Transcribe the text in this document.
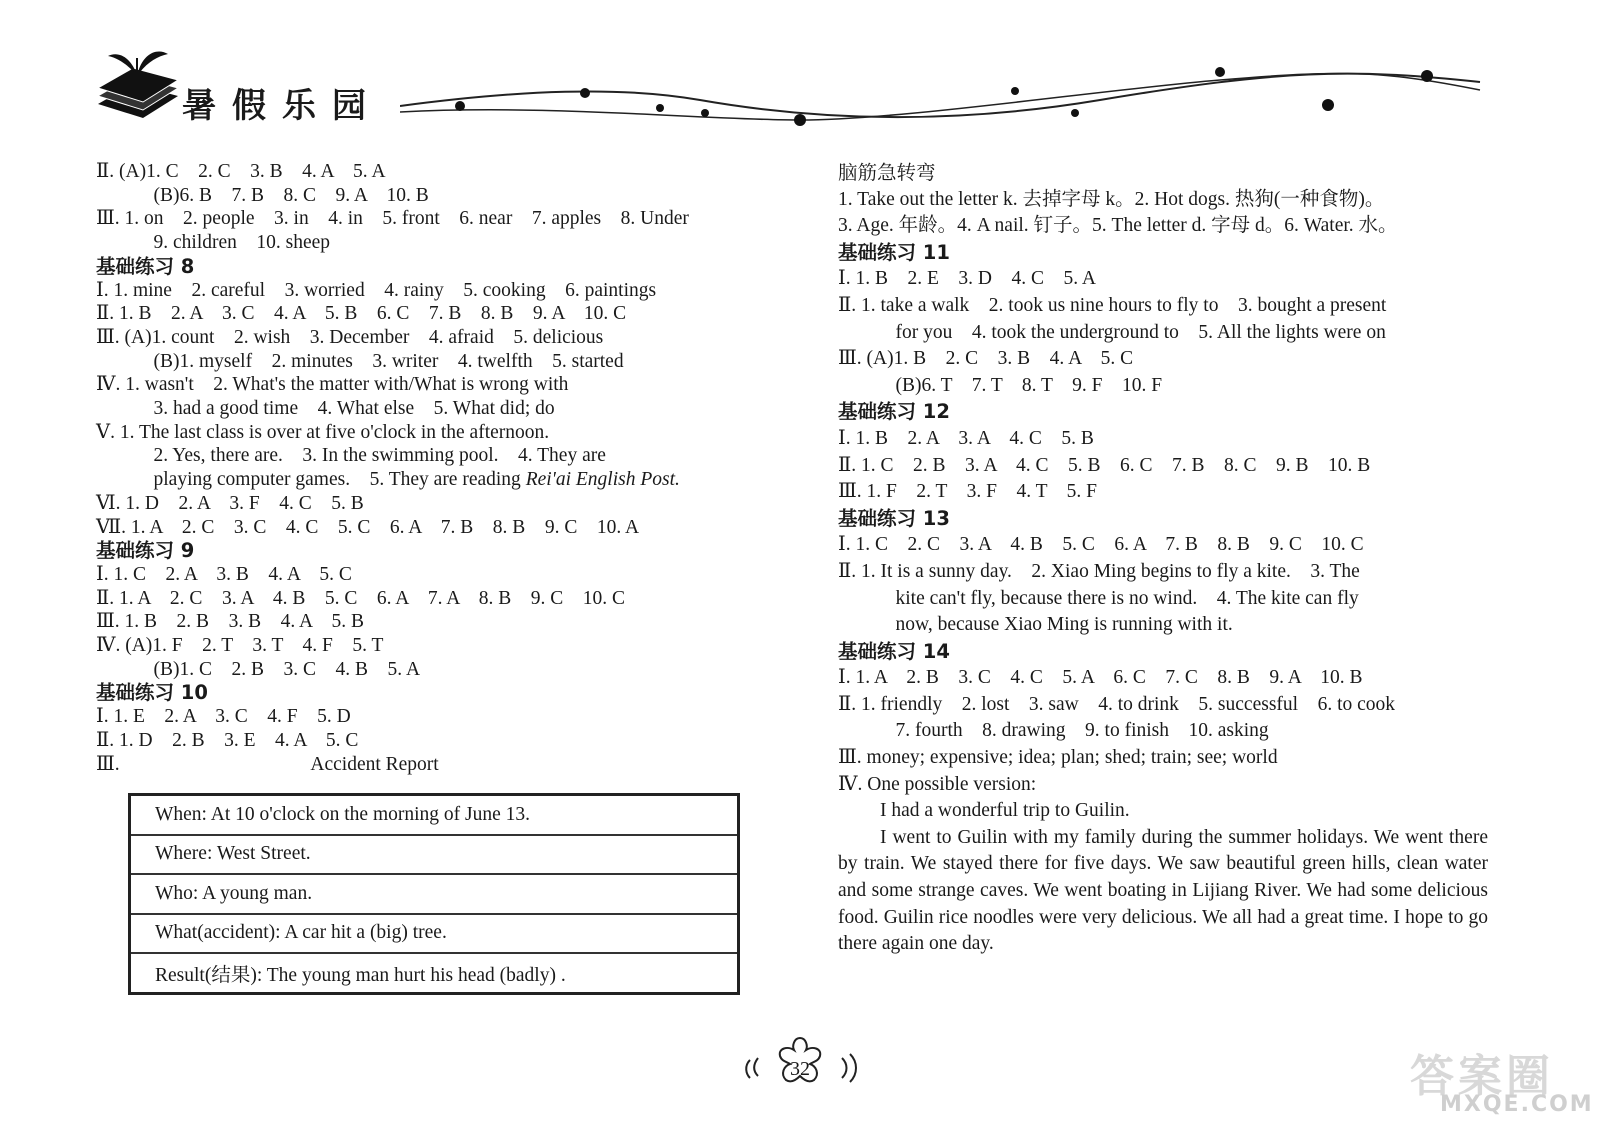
暑假乐园
Ⅱ. (A)1. C　2. C　3. B　4. A　5. A
　(B)6. B　7. B　8. C　9. A　10. B
Ⅲ. 1. on　2. people　3. in　4. in　5. front　6. near　7. apples　8. Under
　9. children　10. sheep
基础练习 8
Ⅰ. 1. mine　2. careful　3. worried　4. rainy　5. cooking　6. paintings
Ⅱ. 1. B　2. A　3. C　4. A　5. B　6. C　7. B　8. B　9. A　10. C
Ⅲ. (A)1. count　2. wish　3. December　4. afraid　5. delicious
　(B)1. myself　2. minutes　3. writer　4. twelfth　5. started
Ⅳ. 1. wasn't　2. What's the matter with/What is wrong with
　3. had a good time　4. What else　5. What did; do
Ⅴ. 1. The last class is over at five o'clock in the afternoon.
　2. Yes, there are.　3. In the swimming pool.　4. They are
　playing computer games.　5. They are reading Rei'ai English Post.
Ⅵ. 1. D　2. A　3. F　4. C　5. B
Ⅶ. 1. A　2. C　3. C　4. C　5. C　6. A　7. B　8. B　9. C　10. A
基础练习 9
Ⅰ. 1. C　2. A　3. B　4. A　5. C
Ⅱ. 1. A　2. C　3. A　4. B　5. C　6. A　7. A　8. B　9. C　10. C
Ⅲ. 1. B　2. B　3. B　4. A　5. B
Ⅳ. (A)1. F　2. T　3. T　4. F　5. T
　(B)1. C　2. B　3. C　4. B　5. A
基础练习 10
Ⅰ. 1. E　2. A　3. C　4. F　5. D
Ⅱ. 1. D　2. B　3. E　4. A　5. C
Ⅲ.	Accident Report
When: At 10 o'clock on the morning of June 13.
Where: West Street.
Who: A young man.
What(accident): A car hit a (big) tree.
Result(结果): The young man hurt his head (badly) .
脑筋急转弯
1. Take out the letter k. 去掉字母 k。2. Hot dogs. 热狗(一种食物)。
3. Age. 年龄。4. A nail. 钉子。5. The letter d. 字母 d。6. Water. 水。
基础练习 11
Ⅰ. 1. B　2. E　3. D　4. C　5. A
Ⅱ. 1. take a walk　2. took us nine hours to fly to　3. bought a present
　for you　4. took the underground to　5. All the lights were on
Ⅲ. (A)1. B　2. C　3. B　4. A　5. C
　(B)6. T　7. T　8. T　9. F　10. F
基础练习 12
Ⅰ. 1. B　2. A　3. A　4. C　5. B
Ⅱ. 1. C　2. B　3. A　4. C　5. B　6. C　7. B　8. C　9. B　10. B
Ⅲ. 1. F　2. T　3. F　4. T　5. F
基础练习 13
Ⅰ. 1. C　2. C　3. A　4. B　5. C　6. A　7. B　8. B　9. C　10. C
Ⅱ. 1. It is a sunny day.　2. Xiao Ming begins to fly a kite.　3. The
　kite can't fly, because there is no wind.　4. The kite can fly
　now, because Xiao Ming is running with it.
基础练习 14
Ⅰ. 1. A　2. B　3. C　4. C　5. A　6. C　7. C　8. B　9. A　10. B
Ⅱ. 1. friendly　2. lost　3. saw　4. to drink　5. successful　6. to cook
　7. fourth　8. drawing　9. to finish　10. asking
Ⅲ. money; expensive; idea; plan; shed; train; see; world
Ⅳ. One possible version:
I had a wonderful trip to Guilin.
I went to Guilin with my family during the summer holidays. We went there by train. We stayed there for five days. We saw beautiful green hills, clean water and some strange caves. We went boating in Lijiang River. We had some delicious food. Guilin rice noodles were very delicious. We all had a great time. I hope to go there again one day.
32	答案圈
MXQE.COM
